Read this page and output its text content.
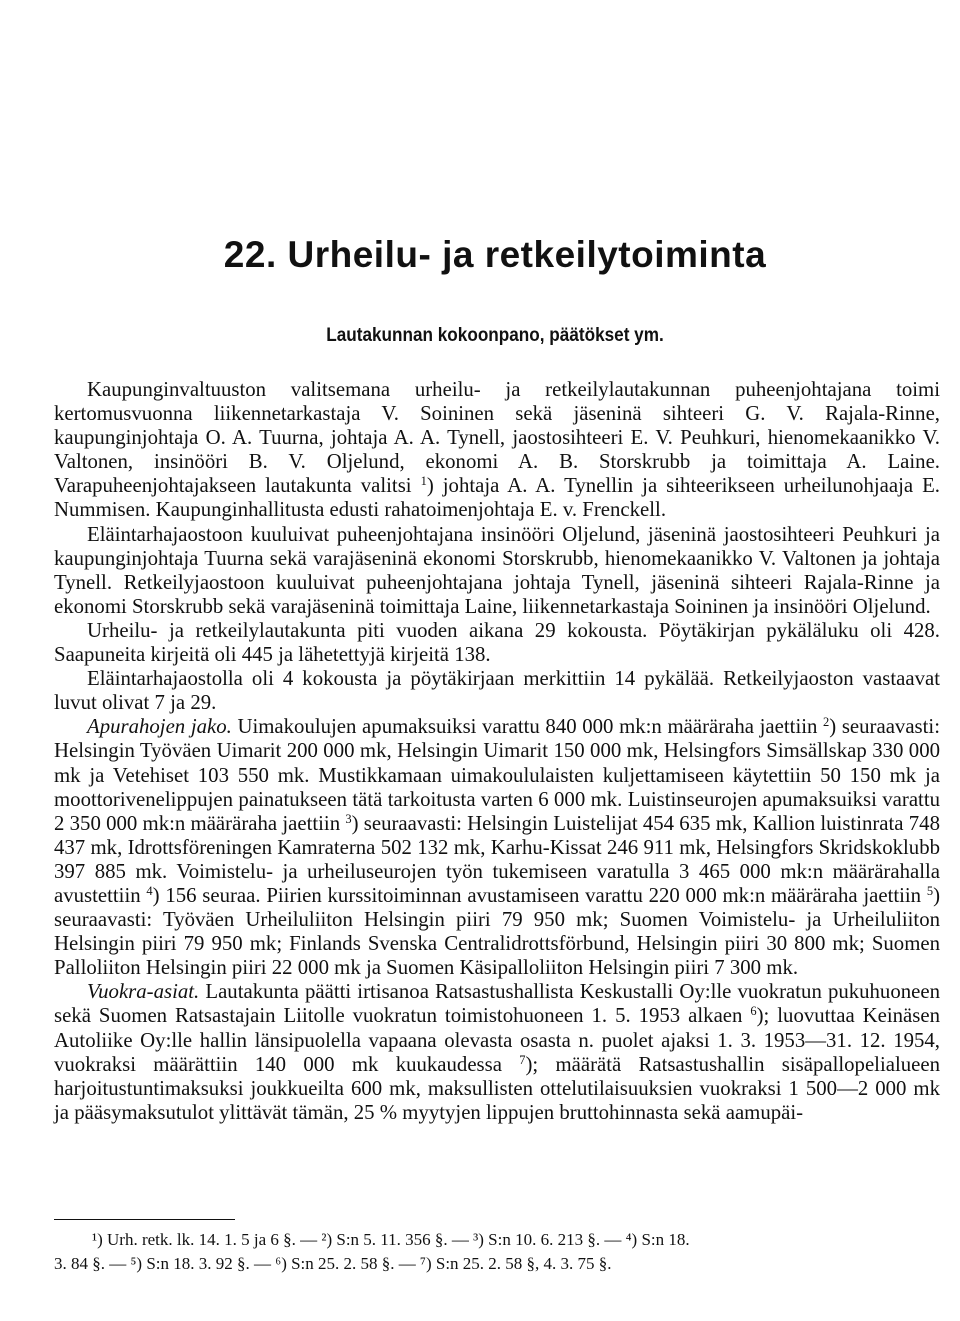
22. Urheilu- ja retkeilytoiminta
Lautakunnan kokoonpano, päätökset ym.

Kaupunginvaltuuston valitsemana urheilu- ja retkeilylautakunnan puheenjohtajana toimi kertomusvuonna liikennetarkastaja V. Soininen sekä jäseninä sihteeri G. V. Rajala-Rinne, kaupunginjohtaja O. A. Tuurna, johtaja A. A. Tynell, jaostosihteeri E. V. Peuhkuri, hienomekaanikko V. Valtonen, insinööri B. V. Oljelund, ekonomi A. B. Storskrubb ja toimittaja A. Laine. Varapuheenjohtajakseen lautakunta valitsi $^1$) johtaja A. A. Tynellin ja sihteerikseen urheilunohjaaja E. Nummisen. Kaupunginhallitusta edusti rahatoimenjohtaja E. v. Frenckell.

Eläintarhajaostoon kuuluivat puheenjohtajana insinööri Oljelund, jäseninä jaostosihteeri Peuhkuri ja kaupunginjohtaja Tuurna sekä varajäseninä ekonomi Storskrubb, hienomekaanikko V. Valtonen ja johtaja Tynell. Retkeilyjaostoon kuuluivat puheenjohtajana johtaja Tynell, jäseninä sihteeri Rajala-Rinne ja ekonomi Storskrubb sekä varajäseninä toimittaja Laine, liikennetarkastaja Soininen ja insinööri Oljelund.

Urheilu- ja retkeilylautakunta piti vuoden aikana 29 kokousta. Pöytäkirjan pykäläluku oli 428. Saapuneita kirjeitä oli 445 ja lähetettyjä kirjeitä 138.

Eläintarhajaostolla oli 4 kokousta ja pöytäkirjaan merkittiin 14 pykälää. Retkeilyjaoston vastaavat luvut olivat 7 ja 29.

Apurahojen jako. Uimakoulujen apumaksuiksi varattu 840 000 mk:n määräraha jaettiin $^2$) seuraavasti: Helsingin Työväen Uimarit 200 000 mk, Helsingin Uimarit 150 000 mk, Helsingfors Simsällskap 330 000 mk ja Vetehiset 103 550 mk. Mustikkamaan uimakoululaisten kuljettamiseen käytettiin 50 150 mk ja moottorivenelippujen painatukseen tätä tarkoitusta varten 6 000 mk. Luistinseurojen apumaksuiksi varattu 2 350 000 mk:n määräraha jaettiin $^3$) seuraavasti: Helsingin Luistelijat 454 635 mk, Kallion luistinrata 748 437 mk, Idrottsföreningen Kamraterna 502 132 mk, Karhu-Kissat 246 911 mk, Helsingfors Skridskoklubb 397 885 mk. Voimistelu- ja urheiluseurojen työn tukemiseen varatulla 3 465 000 mk:n määrärahalla avustettiin $^4$) 156 seuraa. Piirien kurssitoiminnan avustamiseen varattu 220 000 mk:n määräraha jaettiin $^5$) seuraavasti: Työväen Urheiluliiton Helsingin piiri 79 950 mk; Suomen Voimistelu- ja Urheiluliiton Helsingin piiri 79 950 mk; Finlands Svenska Centralidrottsförbund, Helsingin piiri 30 800 mk; Suomen Palloliiton Helsingin piiri 22 000 mk ja Suomen Käsipalloliiton Helsingin piiri 7 300 mk.

Vuokra-asiat. Lautakunta päätti irtisanoa Ratsastushallista Keskustalli Oy:lle vuokratun pukuhuoneen sekä Suomen Ratsastajain Liitolle vuokratun toimistohuoneen 1. 5. 1953 alkaen $^6$); luovuttaa Keinäsen Autoliike Oy:lle hallin länsipuolella vapaana olevasta osasta n. puolet ajaksi 1. 3. 1953—31. 12. 1954, vuokraksi määrättiin 140 000 mk kuukaudessa $^7$); määrätä Ratsastushallin sisäpallopelialueen harjoitustuntimaksuksi joukkueilta 600 mk, maksullisten ottelutilaisuuksien vuokraksi 1 500—2 000 mk ja pääsymaksutulot ylittävät tämän, 25 % myytyjen lippujen bruttohinnasta sekä aamupäi-

¹) Urh. retk. lk. 14. 1. 5 ja 6 §. — ²) S:n 5. 11. 356 §. — ³) S:n 10. 6. 213 §. — ⁴) S:n 18.
3. 84 §. — ⁵) S:n 18. 3. 92 §. — ⁶) S:n 25. 2. 58 §. — ⁷) S:n 25. 2. 58 §, 4. 3. 75 §.
